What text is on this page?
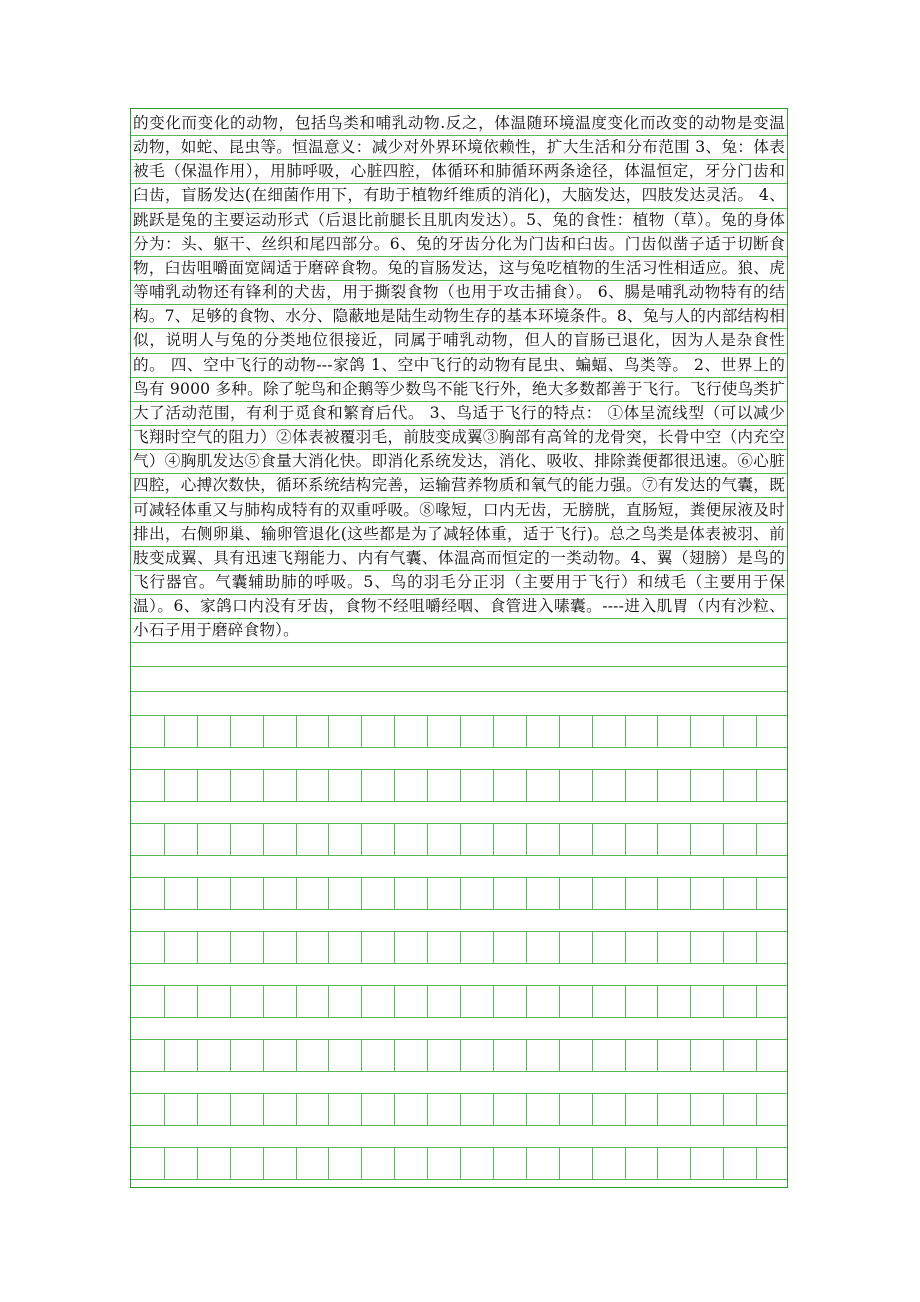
的变化而变化的动物，包括鸟类和哺乳动物.反之，体温随环境温度变化而改变的动物是变温动物，如蛇、昆虫等。恒温意义：减少对外界环境依赖性，扩大生活和分布范围 3、兔：体表被毛（保温作用），用肺呼吸，心脏四腔，体循环和肺循环两条途径，体温恒定，牙分门齿和臼齿，盲肠发达(在细菌作用下，有助于植物纤维质的消化)，大脑发达，四肢发达灵活。 4、跳跃是兔的主要运动形式（后退比前腿长且肌肉发达）。5、兔的食性：植物（草）。兔的身体分为：头、躯干、丝织和尾四部分。6、兔的牙齿分化为门齿和臼齿。门齿似凿子适于切断食物，臼齿咀嚼面宽阔适于磨碎食物。兔的盲肠发达，这与兔吃植物的生活习性相适应。狼、虎等哺乳动物还有锋利的犬齿，用于撕裂食物（也用于攻击捕食）。 6、腸是哺乳动物特有的结构。7、足够的食物、水分、隐蔽地是陆生动物生存的基本环境条件。8、兔与人的内部结构相似，说明人与兔的分类地位很接近，同属于哺乳动物，但人的盲肠已退化，因为人是杂食性的。 四、空中飞行的动物---家鸽 1、空中飞行的动物有昆虫、蝙蝠、鸟类等。 2、世界上的鸟有 9000 多种。除了鸵鸟和企鹅等少数鸟不能飞行外，绝大多数都善于飞行。飞行使鸟类扩大了活动范围，有利于觅食和繁育后代。 3、鸟适于飞行的特点： ①体呈流线型（可以减少飞翔时空气的阻力）②体表被覆羽毛，前肢变成翼③胸部有高耸的龙骨突，长骨中空（内充空气）④胸肌发达⑤食量大消化快。即消化系统发达，消化、吸收、排除粪便都很迅速。⑥心脏四腔，心搏次数快，循环系统结构完善，运输营养物质和氧气的能力强。⑦有发达的气囊，既可减轻体重又与肺构成特有的双重呼吸。⑧喙短，口内无齿，无膀胱，直肠短，粪便尿液及时排出，右侧卵巢、输卵管退化(这些都是为了减轻体重，适于飞行)。总之鸟类是体表被羽、前肢变成翼、具有迅速飞翔能力、内有气囊、体温高而恒定的一类动物。4、翼（翅膀）是鸟的飞行器官。气囊辅助肺的呼吸。5、鸟的羽毛分正羽（主要用于飞行）和绒毛（主要用于保温）。6、家鸽口内没有牙齿，食物不经咀嚼经咽、食管进入嗉囊。----进入肌胃（内有沙粒、小石子用于磨碎食物）。
